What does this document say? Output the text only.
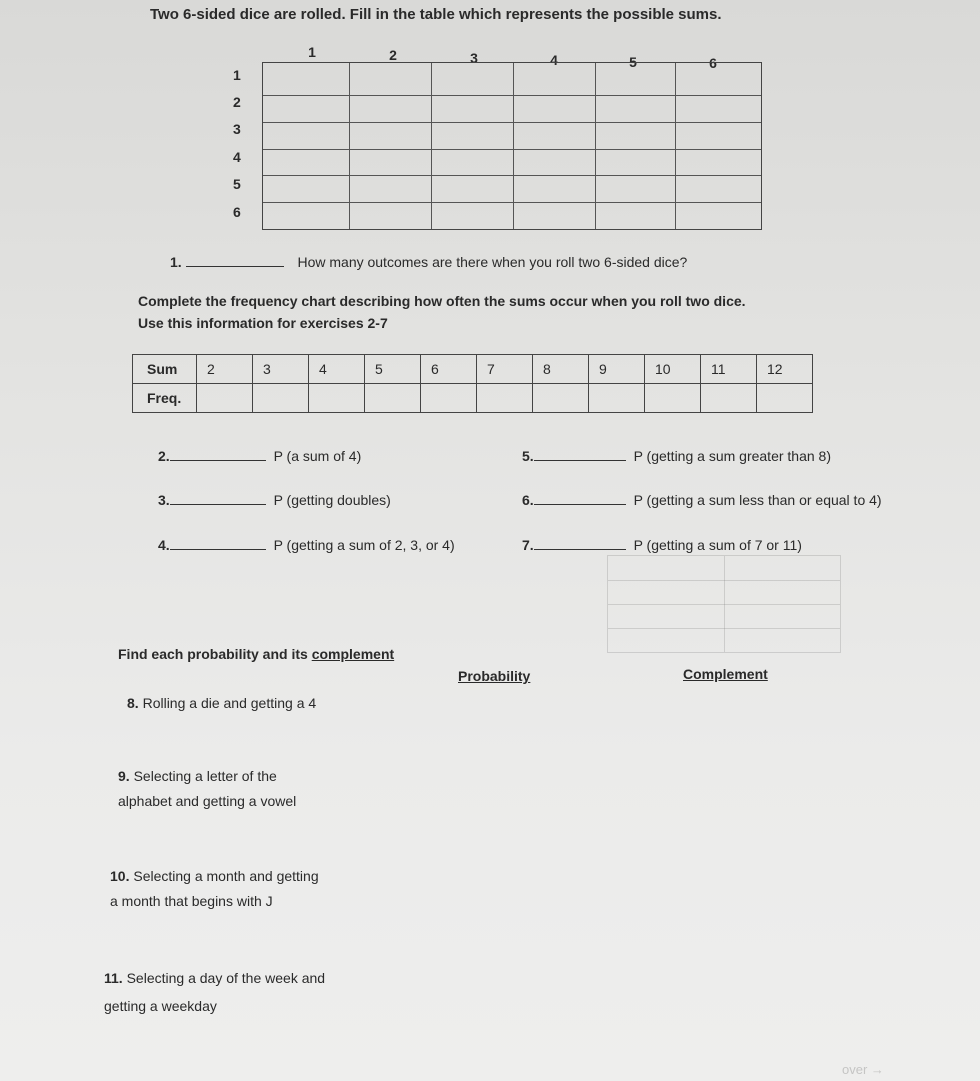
Two 6-sided dice are rolled. Fill in the table which represents the possible sums.
1	2	3	4	5	6
1
2
3
4
5
6
1.	How many outcomes are there when you roll two 6-sided dice?
Complete the frequency chart describing how often the sums occur when you roll two dice.
Use this information for exercises 2-7
Sum	2	3	4	5	6	7	8	9	10	11	12
Freq.											
2.	P (a sum of 4)
3.	P (getting doubles)
4.	P (getting a sum of 2, 3, or 4)
5.	P (getting a sum greater than 8)
6.	P (getting a sum less than or equal to 4)
7.	P (getting a sum of 7 or 11)
Find each probability and its complement
Probability	Complement
8. Rolling a die and getting a 4
9. Selecting a letter of the
alphabet and getting a vowel
10. Selecting a month and getting
a month that begins with J
11. Selecting a day of the week and
getting a weekday
over →
